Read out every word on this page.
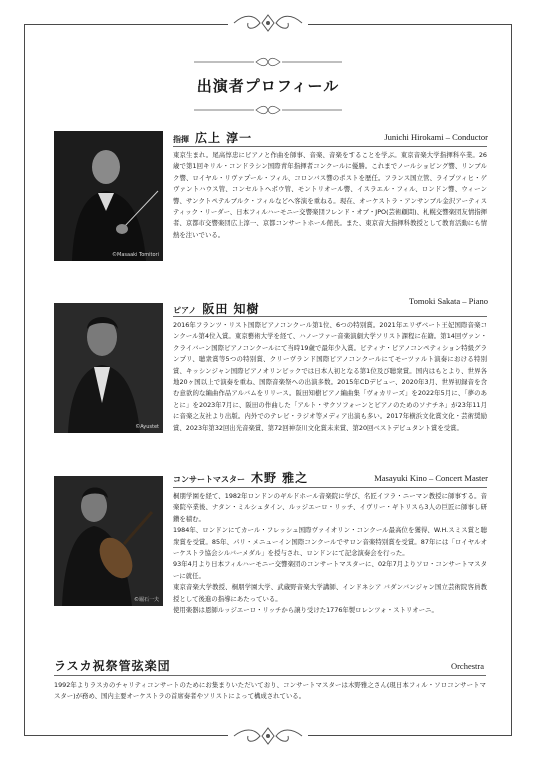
出演者プロフィール
©Masaaki Tomitori
指揮 広上 淳一	Junichi Hirokami – Conductor
東京生まれ。尾高惇忠にピアノと作曲を師事、音楽、音楽をすることを学ぶ。東京音楽大学指揮科卒業。26歳で第1回キリル・コンドラシン国際青年指揮者コンクールに優勝。これまでノールショピング響、リンブルク響、ロイヤル・リヴァプール・フィル、コロンバス響のポストを歴任。フランス国立管、ライプツィヒ・ゲヴァントハウス管、コンセルトヘボウ管、モントリオール響、イスラエル・フィル、ロンドン響、ウィーン響、サンクトペテルブルク・フィルなどへ客演を重ねる。現在、オーケストラ・アンサンブル金沢アーティスティック・リーダー、日本フィルハーモニー交響楽団フレンド・オブ・JPO(芸術顧問)、札幌交響楽団友情指揮者、京都市交響楽団広上淳一、京都コンサートホール館長。また、東京音大指揮科教授として教育活動にも情熱を注いでいる。
©Ayustet
ピアノ 阪田 知樹
Tomoki Sakata – Piano
2016年フランツ・リスト国際ピアノコンクール第1位、6つの特別賞。2021年エリザベート王妃国際音楽コンクール第4位入賞。東京藝術大学を経て、ハノーファー音楽演劇大学ソリスト課程に在籍。第14回ヴァン・クライバーン国際ピアノコンクールにて当時19歳で最年少入賞。ピティナ・ピアノコンペティション特級グランプリ、聴衆賞等5つの特別賞、クリーヴランド国際ピアノコンクールにてモーツァルト演奏における特別賞、キッシンジャン国際ピアノオリンピックでは日本人初となる第1位及び聴衆賞。国内はもとより、世界各地20ヶ国以上で演奏を重ね、国際音楽祭への出演多数。2015年CDデビュー、2020年3月、世界初録音を含む意欲的な編曲作品アルバムをリリース。阪田知樹ピアノ編曲集「ヴォカリーズ」を2022年5月に、「夢のあとに」を2023年7月に、阪田の作曲した「アルト・サクソフォーンとピアノのためのソナチネ」が23年11月に音楽之友社より出版。内外でのテレビ・ラジオ等メディア出演も多い。2017年横浜文化賞文化・芸術奨励賞、2023年第32回出光音楽賞、第72回神奈川文化賞未来賞、第20回ベストデビュタント賞を受賞。
©堀石一夫
コンサートマスター 木野 雅之	Masayuki Kino – Concert Master

桐朋学園を経て、1982年ロンドンのギルドホール音楽院に学び、名匠イフラ・ニーマン教授に師事する。音楽院卒業後、ナタン・ミルシュタイン、ルッジエーロ・リッチ、イヴリー・ギトリスら3人の巨匠に師事し研鑽を積む。

1984年、ロンドンにてカール・フレッシュ国際ヴァイオリン・コンクール最高位を獲得、W.H.スミス賞と聴衆賞を受賞。85年、パリ・メニューイン国際コンクールでサロン音楽特別賞を受賞。87年には「ロイヤルオーケストラ協会シルバーメダル」を授与され、ロンドンにて記念演奏会を行った。

93年4月より日本フィルハーモニー交響楽団のコンサートマスターに、02年7月よりソロ・コンサートマスターに就任。

東京音楽大学教授、桐朋学園大学、武蔵野音楽大学講師、インドネシア バダンバンジャン国立芸術院客員教授として後進の指導にあたっている。

使用楽器は恩師ルッジエーロ・リッチから譲り受けた1776年製ロレンツォ・ストリオーニ。

ラスカ祝祭管弦楽団	Orchestra
1992年よりラスカのチャリティコンサートのためにお集まりいただいており、コンサートマスターは木野雅之さん(現日本フィル・ソロコンサートマスター)が務め、国内主要オーケストラの首席奏者やソリストによって構成されている。
